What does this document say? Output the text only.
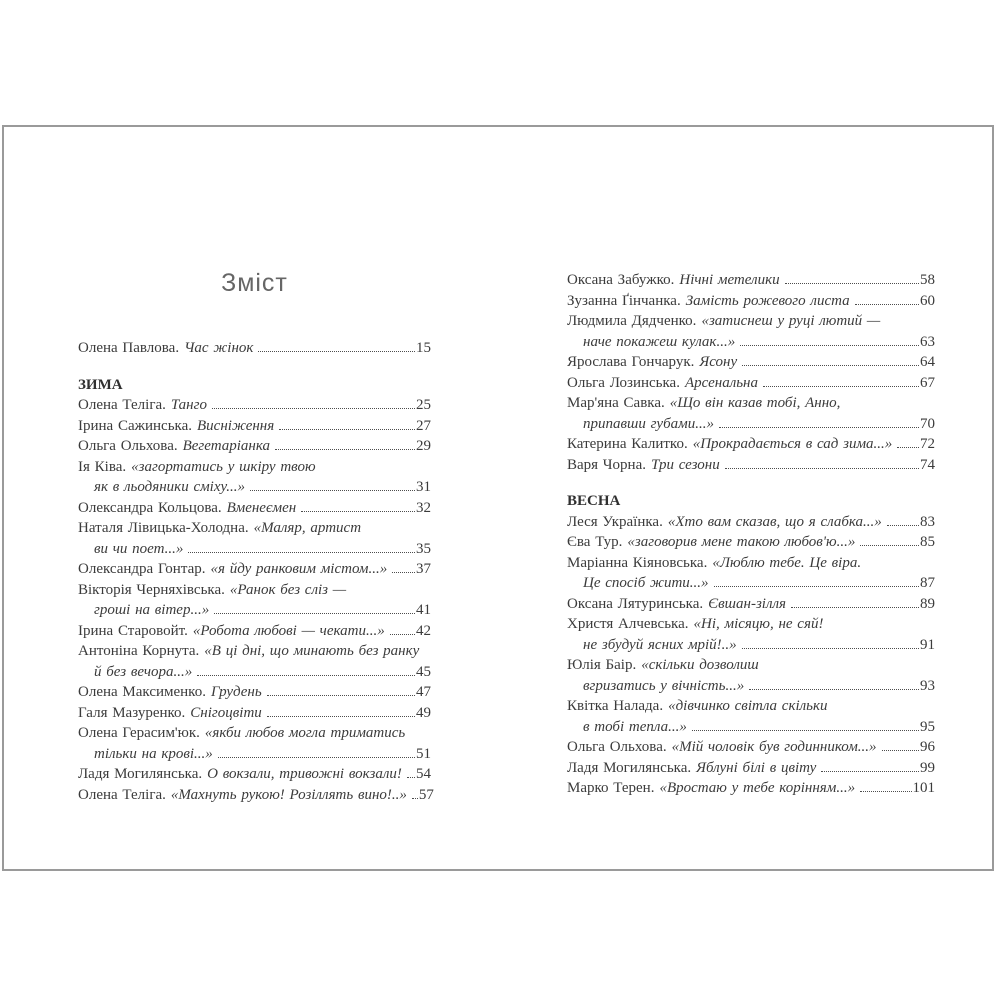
Зміст
Олена Павлова. Час жінок	15
ЗИМА
Олена Теліга. Танго	25
Ірина Сажинська. Висніження	27
Ольга Ольхова. Вегетаріанка	29
Ія Ківа. «загортатись у шкіру твою
як в льодяники сміху...»	31
Олександра Кольцова. Вменеємен	32
Наталя Лівицька-Холодна. «Маляр, артист
ви чи поет...»	35
Олександра Гонтар. «я йду ранковим містом...» 37
Вікторія Черняхівська. «Ранок без сліз —
гроші на вітер...»	41
Ірина Старовойт. «Робота любові — чекати...» 42
Антоніна Корнута. «В ці дні, що минають без ранку
й без вечора...»	45
Олена Максименко. Грудень	47
Галя Мазуренко. Снігоцвіти	49
Олена Герасим'юк. «якби любов могла триматись
тільки на крові...»	51
Ладя Могилянська. О вокзали, тривожні вокзали! 54
Олена Теліга. «Махнуть рукою! Розіллять вино!..» 57
Оксана Забужко. Нічні метелики	58
Зузанна Ґінчанка. Замість рожевого листа	60
Людмила Дядченко. «затиснеш у руці лютий —
наче покажеш кулак...»	63
Ярослава Гончарук. Ясону	64
Ольга Лозинська. Арсенальна	67
Мар'яна Савка. «Що він казав тобі, Анно,
припавши губами...»	70
Катерина Калитко. «Прокрадається в сад зима...» 72
Варя Чорна. Три сезони	74
ВЕСНА
Леся Українка. «Хто вам сказав, що я слабка...»	83
Єва Тур. «заговорив мене такою любов'ю...»	85
Маріанна Кіяновська. «Люблю тебе. Це віра.
Це спосіб жити...»	87
Оксана Лятуринська. Євшан-зілля	89
Христя Алчевська. «Ні, місяцю, не сяй!
не збудуй ясних мрій!..»	91
Юлія Баір. «скільки дозволиш
вгризатись у вічність...»	93
Квітка Налада. «дівчинко світла скільки
в тобі тепла...»	95
Ольга Ольхова. «Мій чоловік був годинником...»	96
Ладя Могилянська. Яблуні білі в цвіту	99
Марко Терен. «Вростаю у тебе корінням...»	101
